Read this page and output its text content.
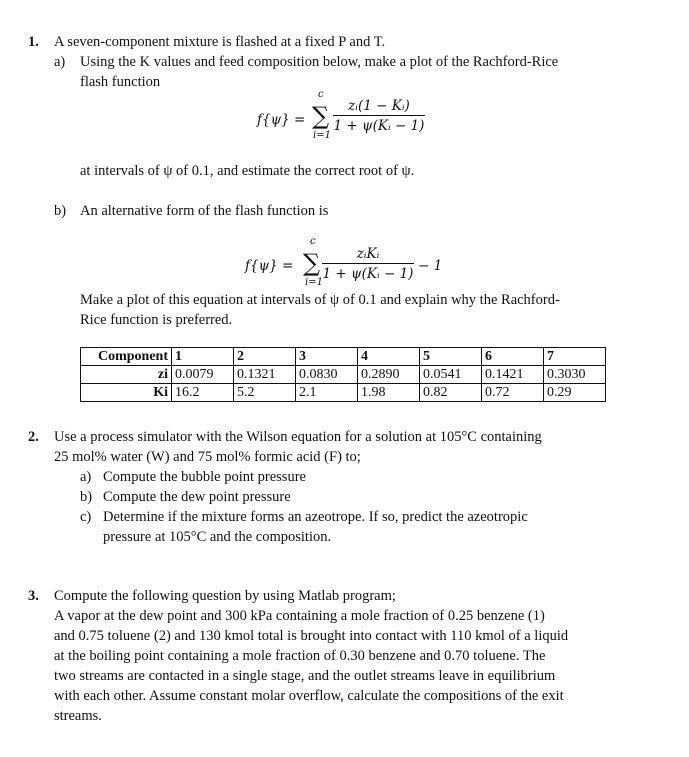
1. A seven-component mixture is flashed at a fixed P and T.
a) Using the K values and feed composition below, make a plot of the Rachford-Rice
flash function
f{ψ} =
c
∑
i=1
zᵢ(1 − Kᵢ)
1 + ψ(Kᵢ − 1)
at intervals of ψ of 0.1, and estimate the correct root of ψ.
b) An alternative form of the flash function is
f{ψ} =
c
∑
i=1
zᵢKᵢ
1 + ψ(Kᵢ − 1) − 1
Make a plot of this equation at intervals of ψ of 0.1 and explain why the Rachford-
Rice function is preferred.
Component	1	2	3	4	5	6	7
zi	0.0079	0.1321	0.0830	0.2890	0.0541	0.1421	0.3030
Ki	16.2	5.2	2.1	1.98	0.82	0.72	0.29
2. Use a process simulator with the Wilson equation for a solution at 105°C containing
25 mol% water (W) and 75 mol% formic acid (F) to;
a) Compute the bubble point pressure
b) Compute the dew point pressure
c) Determine if the mixture forms an azeotrope. If so, predict the azeotropic
pressure at 105°C and the composition.
3. Compute the following question by using Matlab program;
A vapor at the dew point and 300 kPa containing a mole fraction of 0.25 benzene (1)
and 0.75 toluene (2) and 130 kmol total is brought into contact with 110 kmol of a liquid
at the boiling point containing a mole fraction of 0.30 benzene and 0.70 toluene. The
two streams are contacted in a single stage, and the outlet streams leave in equilibrium
with each other. Assume constant molar overflow, calculate the compositions of the exit
streams.
